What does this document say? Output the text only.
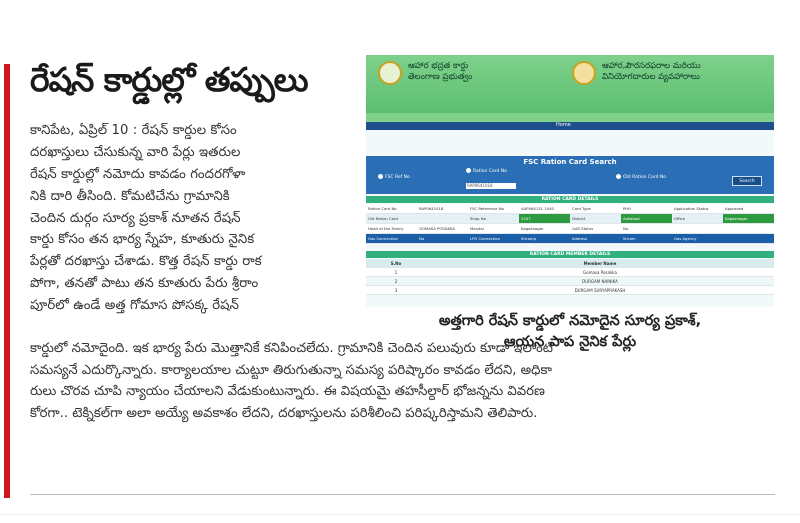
రేషన్ కార్డుల్లో తప్పులు

కానిపేట, ఏప్రిల్ 10 : రేషన్ కార్డుల కోసం

దరఖాస్తులు చేసుకున్న వారి పేర్లు ఇతరుల

రేషన్ కార్డుల్లో నమోదు కావడం గందరగోళా

నికి దారి తీసింది. కోమటిచేను గ్రామానికి

చెందిన దుర్గం సూర్య ప్రకాశ్ నూతన రేషన్

కార్డు కోసం తన భార్య స్నేహ, కూతురు నైనిక

పేర్లతో దరఖాస్తు చేశాడు. కొత్త రేషన్ కార్డు రాక

పోగా, తనతో పాటు తన కూతురు పేరు శ్రీరాం

పూర్‌లో ఉండే అత్త గోమాస పోసక్క రేషన్

ఆహార భద్రత కార్డు
తెలంగాణ ప్రభుత్వం
ఆహార,పౌరసరఫరాల మరియు
వినియోగదారుల వ్యవహారాలు
Home
FSC Ration Card Search
FSC Ref No
Ration Card No
RAP0641018
Old Ration Card No
Search
RATION CARD DETAILS
Ration Card No	RAP0641018	FSC Reference No	AAP064131 1040	Card Type	PHH	Application Status	Approved
Old Ration Card	Shop No	2207	District	Adilabad	Office	Kagaznagar
Head of the Family	GOMASA POSAKKA	Mandal	Kagaznagar	GAS Status	No
Gas Connection	No	LPG Connection	Sriramp	Address	Sriram	Gas Agency
RATION CARD MEMBER DETAILS
S.No	Member Name
1	Gomasa Posakka
2	DURGAM NAINIKA
3	DURGAM SURYAPRAKASH
అత్తగారి రేషన్ కార్డులో నమోదైన సూర్య ప్రకాశ్,
ఆయన పాప నైనిక పేర్లు

కార్డులో నమోదైంది. ఇక భార్య పేరు మొత్తానికే కనిపించలేదు. గ్రామానికి చెందిన పలువురు కూడా ఇలాంటి

సమస్యనే ఎదుర్కొన్నారు. కార్యాలయాల చుట్టూ తిరుగుతున్నా సమస్య పరిష్కారం కావడం లేదని, అధికా

రులు చొరవ చూపి న్యాయం చేయాలని వేడుకుంటున్నారు. ఈ విషయమై తహసీల్దార్ భోజన్నను వివరణ

కోరగా.. టెక్నికల్‌గా అలా అయ్యే అవకాశం లేదని, దరఖాస్తులను పరిశీలించి పరిష్కరిస్తామని తెలిపారు.
